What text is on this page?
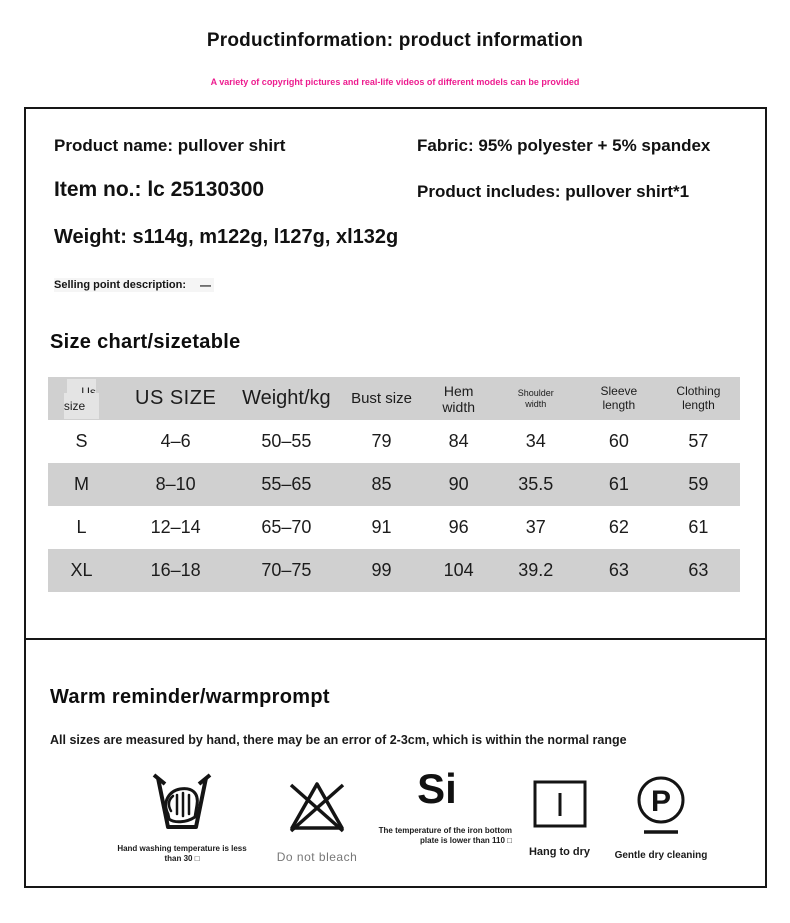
Productinformation: product information
A variety of copyright pictures and real-life videos of different models can be provided
Product name: pullover shirt	Fabric: 95% polyester + 5% spandex
Item no.: lc 25130300	Product includes: pullover shirt*1
Weight: s114g, m122g, l127g, xl132g
Selling point description: —
Size chart/sizetable
Us size	US SIZE	Weight/kg	Bust size	Hem width	Shoulder width	Sleeve length	Clothing length
S	4–6	50–55	79	84	34	60	57
M	8–10	55–65	85	90	35.5	61	59
L	12–14	65–70	91	96	37	62	61
XL	16–18	70–75	99	104	39.2	63	63
Warm reminder/warmprompt
All sizes are measured by hand, there may be an error of 2-3cm, which is within the normal range
Hand washing temperature is less than 30 □	Do not bleach
Si
The temperature of the iron bottom plate is lower than 110 □
Hang to dry
P
Gentle dry cleaning
